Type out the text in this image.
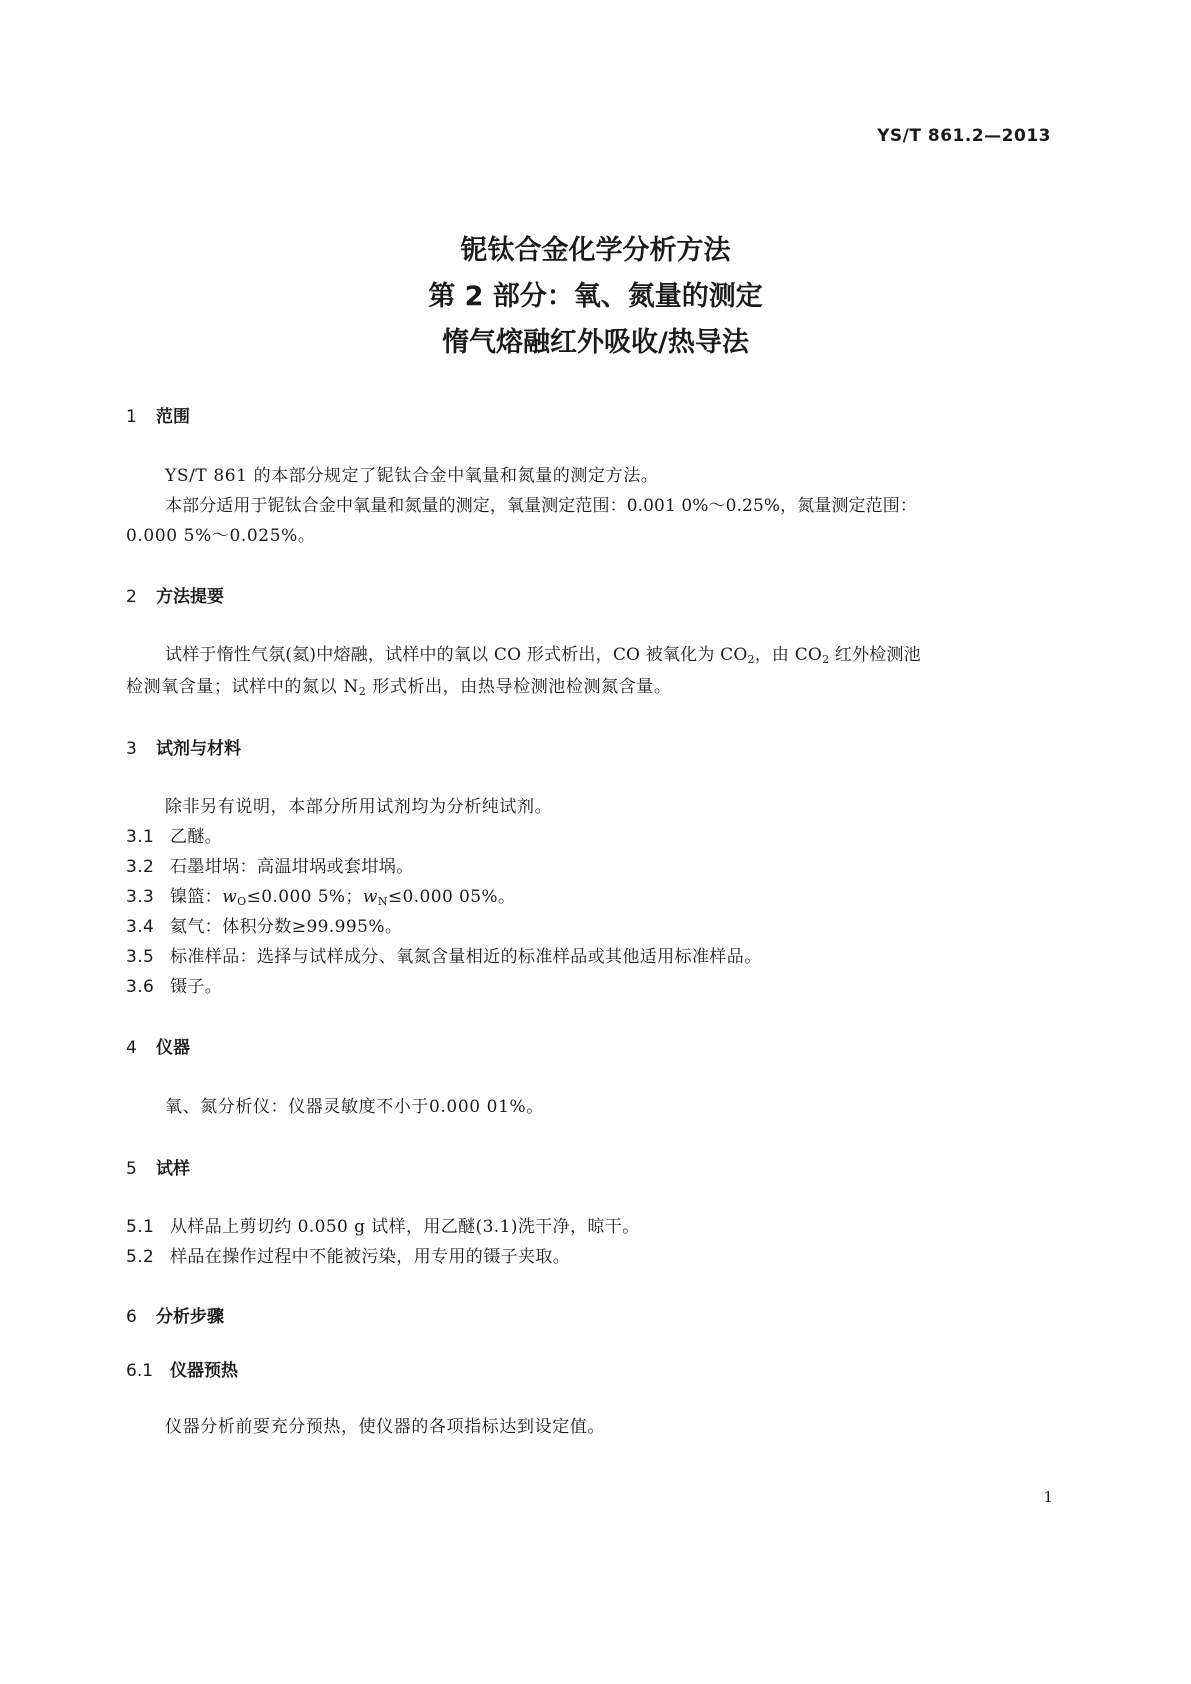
YS/T 861.2—2013
铌钛合金化学分析方法
第 2 部分：氧、氮量的测定
惰气熔融红外吸收/热导法
1 范围
YS/T 861 的本部分规定了铌钛合金中氧量和氮量的测定方法。
本部分适用于铌钛合金中氧量和氮量的测定，氧量测定范围：0.001 0%～0.25%，氮量测定范围：
0.000 5%～0.025%。
2 方法提要
试样于惰性气氛(氦)中熔融，试样中的氧以 CO 形式析出，CO 被氧化为 $CO_2$，由 $CO_2$ 红外检测池
检测氧含量；试样中的氮以 $N_2$ 形式析出，由热导检测池检测氮含量。
3 试剂与材料
除非另有说明，本部分所用试剂均为分析纯试剂。
3.1 乙醚。
3.2 石墨坩埚：高温坩埚或套坩埚。
3.3 镍篮：$w_O\le 0.000$ 5%；$w_N\le 0.000$ 05%。
3.4 氦气：体积分数≥99.995%。
3.5 标准样品：选择与试样成分、氧氮含量相近的标准样品或其他适用标准样品。
3.6 镊子。
4 仪器
氧、氮分析仪：仪器灵敏度不小于0.000 01%。
5 试样
5.1 从样品上剪切约 0.050 g 试样，用乙醚(3.1)洗干净，晾干。
5.2 样品在操作过程中不能被污染，用专用的镊子夹取。
6 分析步骤
6.1 仪器预热
仪器分析前要充分预热，使仪器的各项指标达到设定值。
1
